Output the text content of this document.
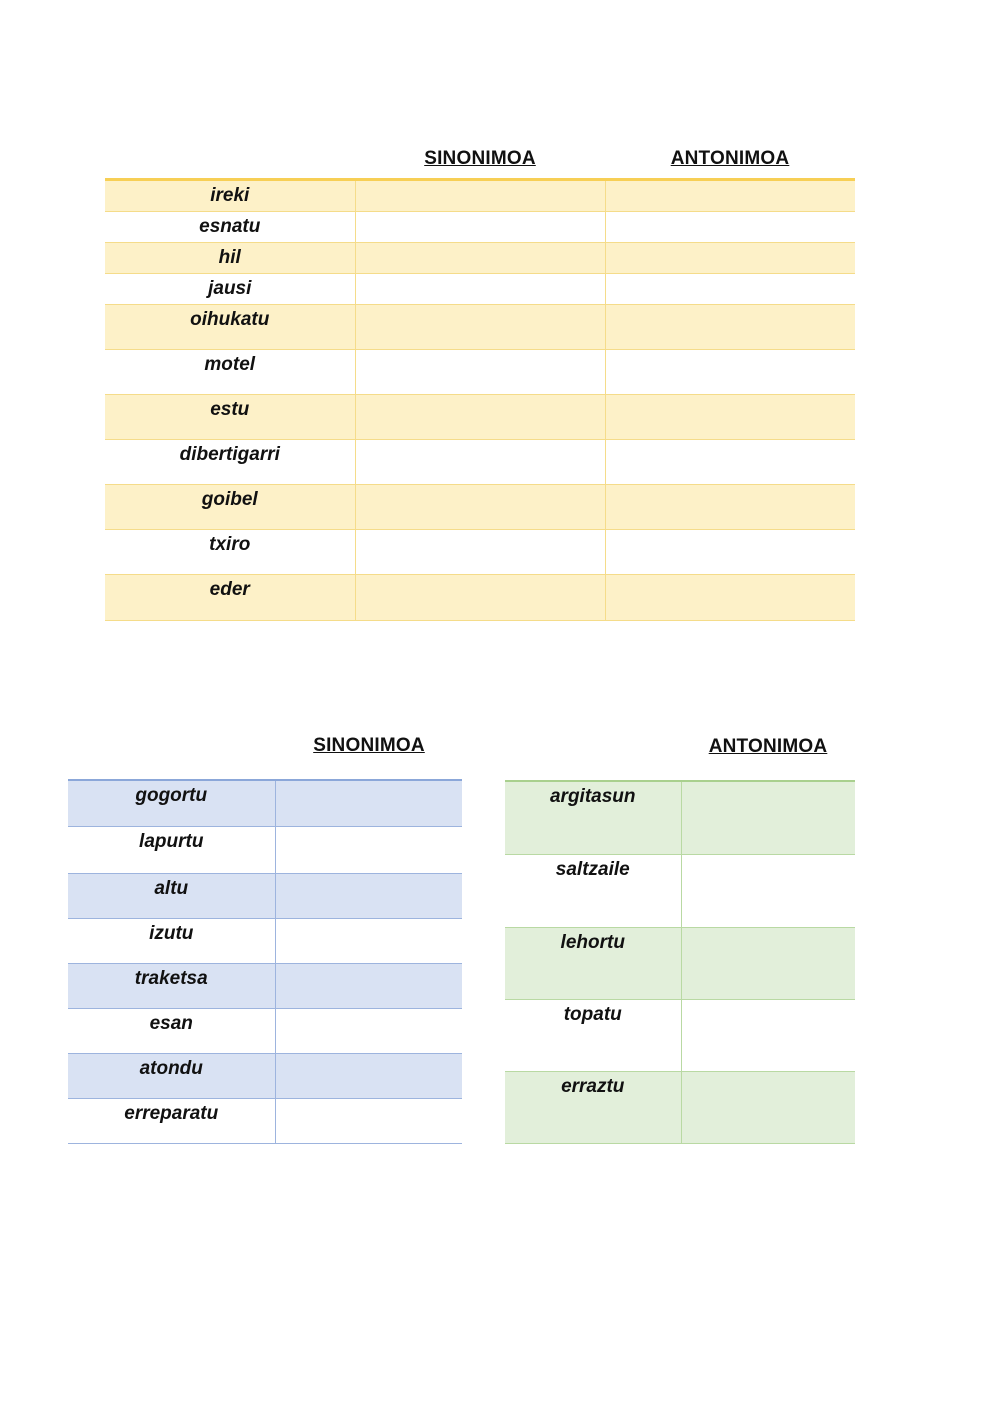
SINONIMOA	ANTONIMOA
ireki		
esnatu		
hil		
jausi		
oihukatu		
motel		
estu		
dibertigarri		
goibel		
txiro		
eder		
SINONIMOA	ANTONIMOA
gogortu	
lapurtu	
altu	
izutu	
traketsa	
esan	
atondu	
erreparatu	
argitasun	
saltzaile	
lehortu	
topatu	
erraztu	
